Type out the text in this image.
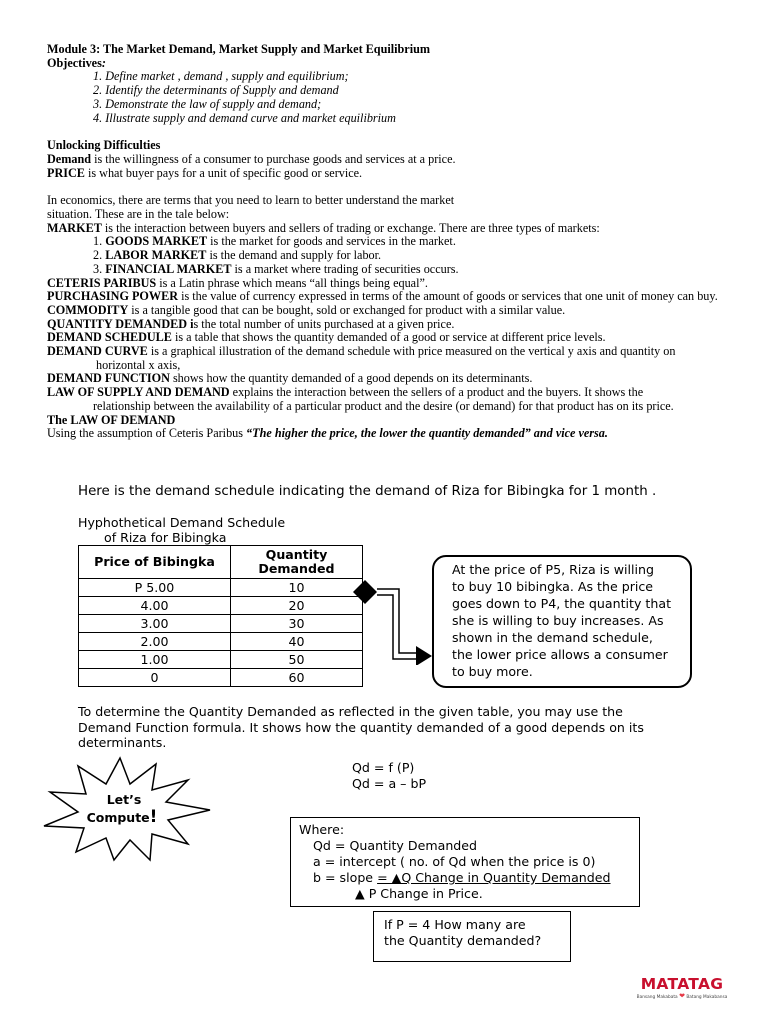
Module 3: The Market Demand, Market Supply and Market Equilibrium
Objectives:
1. Define market , demand , supply and equilibrium;
2. Identify the determinants of Supply and demand
3. Demonstrate the law of supply and demand;
4. Illustrate supply and demand curve and market equilibrium
Unlocking Difficulties
Demand is the willingness of a consumer to purchase goods and services at a price.
PRICE is what buyer pays for a unit of specific good or service.
In economics, there are terms that you need to learn to better understand the market
situation. These are in the tale below:
MARKET is the interaction between buyers and sellers of trading or exchange. There are three types of markets:
1. GOODS MARKET is the market for goods and services in the market.
2. LABOR MARKET is the demand and supply for labor.
3. FINANCIAL MARKET is a market where trading of securities occurs.
CETERIS PARIBUS is a Latin phrase which means “all things being equal”.
PURCHASING POWER is the value of currency expressed in terms of the amount of goods or services that one unit of money can buy.
COMMODITY is a tangible good that can be bought, sold or exchanged for product with a similar value.
QUANTITY DEMANDED is the total number of units purchased at a given price.
DEMAND SCHEDULE is a table that shows the quantity demanded of a good or service at different price levels.
DEMAND CURVE is a graphical illustration of the demand schedule with price measured on the vertical y axis and quantity on
horizontal x axis,
DEMAND FUNCTION shows how the quantity demanded of a good depends on its determinants.
LAW OF SUPPLY AND DEMAND explains the interaction between the sellers of a product and the buyers. It shows the
relationship between the availability of a particular product and the desire (or demand) for that product has on its price.
The LAW OF DEMAND
Using the assumption of Ceteris Paribus “The higher the price, the lower the quantity demanded” and vice versa.
Here is the demand schedule indicating the demand of Riza for Bibingka for 1 month .
Hyphothetical Demand Schedule
of Riza for Bibingka
Price of Bibingka	Quantity
Demanded
P 5.00	10
4.00	20
3.00	30
2.00	40
1.00	50
0	60
At the price of P5, Riza is willing
to buy 10 bibingka. As the price
goes down to P4, the quantity that
she is willing to buy increases. As
shown in the demand schedule,
the lower price allows a consumer
to buy more.
To determine the Quantity Demanded as reflected in the given table, you may use the
Demand Function formula. It shows how the quantity demanded of a good depends on its
determinants.
Let’s
Compute!
Qd = f (P)
Qd = a – bP
Where:
Qd = Quantity Demanded
a = intercept ( no. of Qd when the price is 0)
b = slope = ▲Q Change in Quantity Demanded
▲ P Change in Price.
If P = 4 How many are
the Quantity demanded?
MATATAG
Bansang Makabata ❤ Batang Makabansa
